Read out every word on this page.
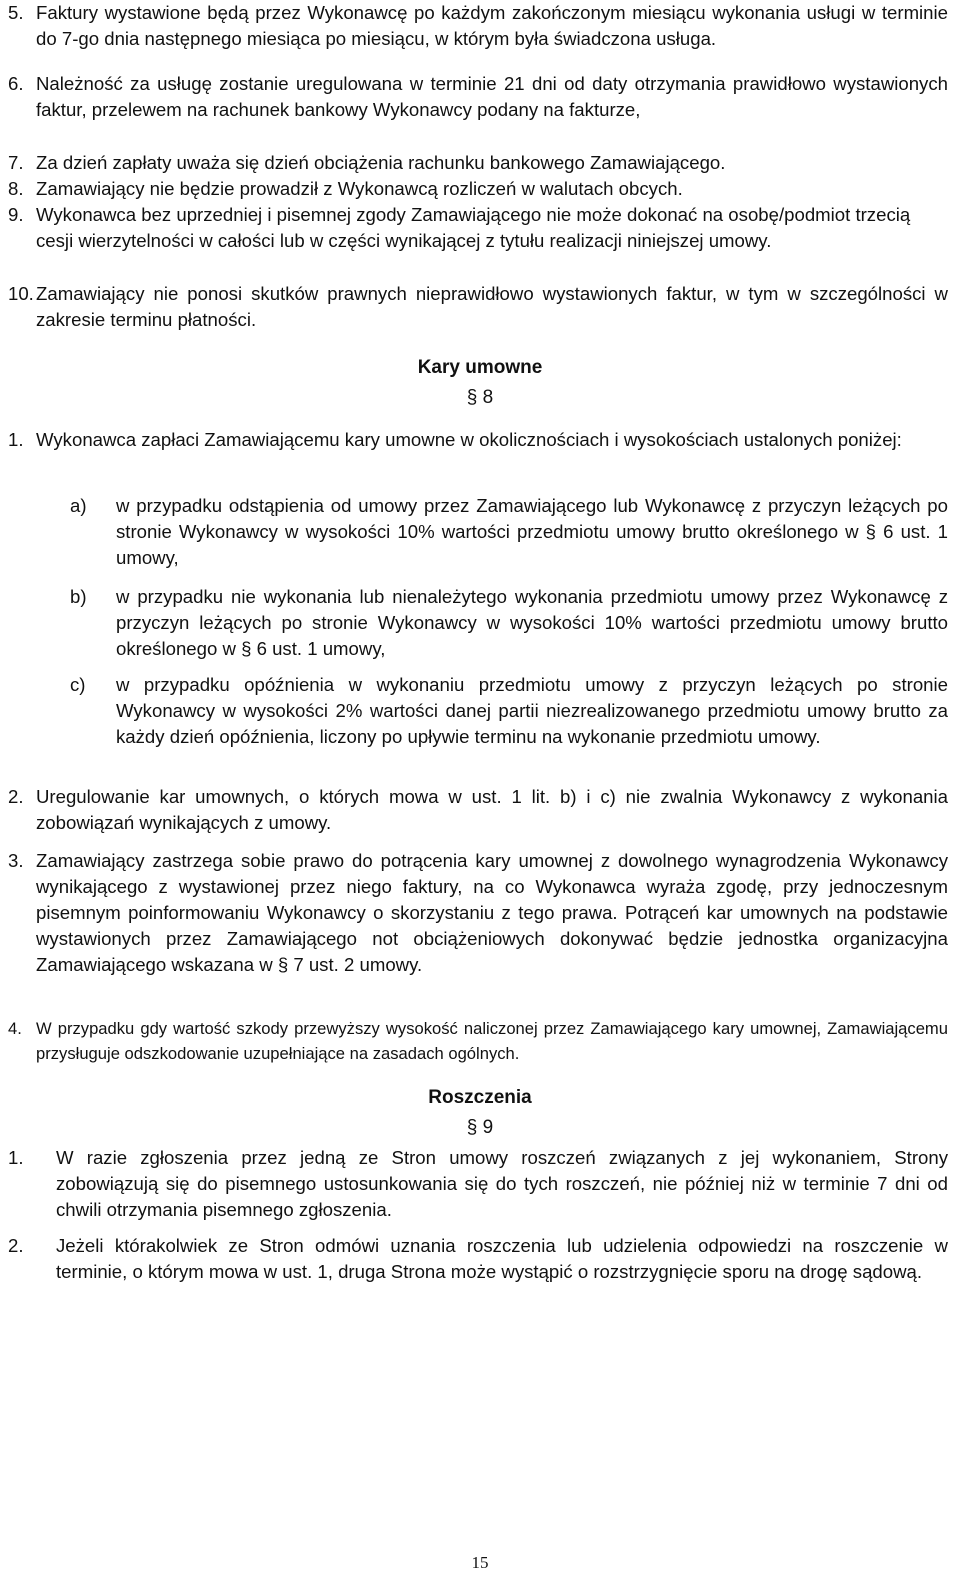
5. Faktury wystawione będą przez Wykonawcę po każdym zakończonym miesiącu wykonania usługi w terminie do 7-go dnia następnego miesiąca po miesiącu, w którym była świadczona usługa.
6. Należność za usługę zostanie uregulowana w terminie 21 dni od daty otrzymania prawidłowo wystawionych faktur, przelewem na rachunek bankowy Wykonawcy podany na fakturze,
7. Za dzień zapłaty uważa się dzień obciążenia rachunku bankowego Zamawiającego.
8. Zamawiający nie będzie prowadził z Wykonawcą rozliczeń w walutach obcych.
9. Wykonawca bez uprzedniej i pisemnej zgody Zamawiającego nie może dokonać na osobę/podmiot trzecią cesji wierzytelności w całości lub w części wynikającej z tytułu realizacji niniejszej umowy.
10. Zamawiający nie ponosi skutków prawnych nieprawidłowo wystawionych faktur, w tym w szczególności w zakresie terminu płatności.
Kary umowne
§ 8
1. Wykonawca zapłaci Zamawiającemu kary umowne w okolicznościach i wysokościach ustalonych poniżej:
a) w przypadku odstąpienia od umowy przez Zamawiającego lub Wykonawcę z przyczyn leżących po stronie Wykonawcy w wysokości 10% wartości przedmiotu umowy brutto określonego w § 6 ust. 1 umowy,
b) w przypadku nie wykonania lub nienależytego wykonania przedmiotu umowy przez Wykonawcę z przyczyn leżących po stronie Wykonawcy w wysokości 10% wartości przedmiotu umowy brutto określonego w § 6 ust. 1 umowy,
c) w przypadku opóźnienia w wykonaniu przedmiotu umowy z przyczyn leżących po stronie Wykonawcy w wysokości 2% wartości danej partii niezrealizowanego przedmiotu umowy brutto za każdy dzień opóźnienia, liczony po upływie terminu na wykonanie przedmiotu umowy.
2. Uregulowanie kar umownych, o których mowa w ust. 1 lit. b) i c) nie zwalnia Wykonawcy z wykonania zobowiązań wynikających z umowy.
3. Zamawiający zastrzega sobie prawo do potrącenia kary umownej z dowolnego wynagrodzenia Wykonawcy wynikającego z wystawionej przez niego faktury, na co Wykonawca wyraża zgodę, przy jednoczesnym pisemnym poinformowaniu Wykonawcy o skorzystaniu z tego prawa. Potrąceń kar umownych na podstawie wystawionych przez Zamawiającego not obciążeniowych dokonywać będzie jednostka organizacyjna Zamawiającego wskazana w § 7 ust. 2 umowy.
4. W przypadku gdy wartość szkody przewyższy wysokość naliczonej przez Zamawiającego kary umownej, Zamawiającemu przysługuje odszkodowanie uzupełniające na zasadach ogólnych.
Roszczenia
§ 9
1. W razie zgłoszenia przez jedną ze Stron umowy roszczeń związanych z jej wykonaniem, Strony zobowiązują się do pisemnego ustosunkowania się do tych roszczeń, nie później niż w terminie 7 dni od chwili otrzymania pisemnego zgłoszenia.
2. Jeżeli którakolwiek ze Stron odmówi uznania roszczenia lub udzielenia odpowiedzi na roszczenie w terminie, o którym mowa w ust. 1, druga Strona może wystąpić o rozstrzygnięcie sporu na drogę sądową.
15
